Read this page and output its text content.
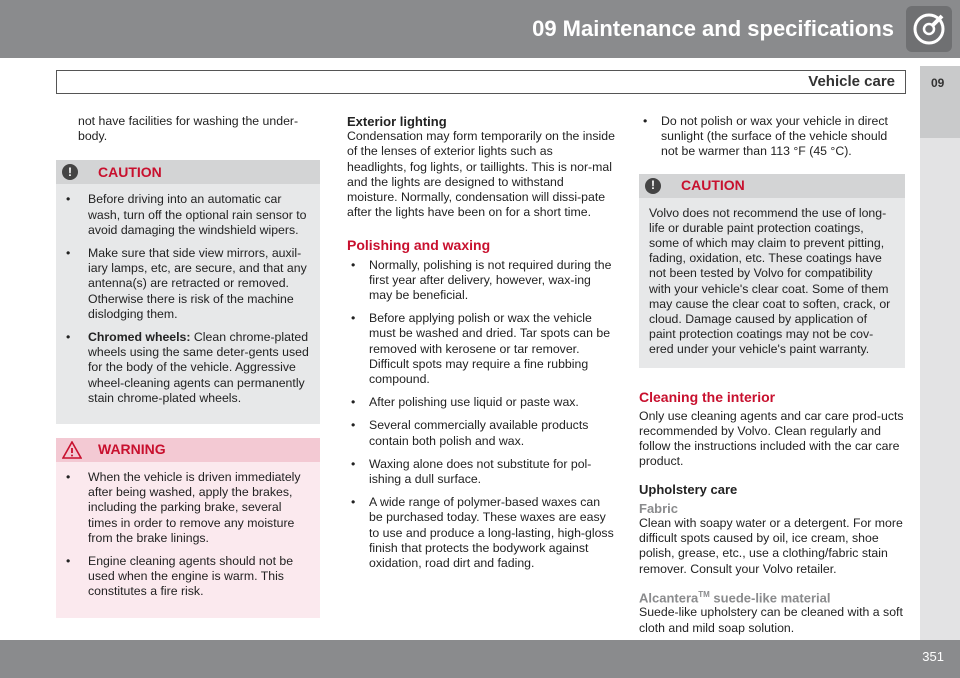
09 Maintenance and specifications
Vehicle care	09
351

not have facilities for washing the under-body.

!	CAUTION
• Before driving into an automatic car wash, turn off the optional rain sensor to avoid damaging the windshield wipers.
• Make sure that side view mirrors, auxil-iary lamps, etc, are secure, and that any antenna(s) are retracted or removed. Otherwise there is risk of the machine dislodging them.
• Chromed wheels: Clean chrome-plated wheels using the same deter-gents used for the body of the vehicle. Aggressive wheel-cleaning agents can permanently stain chrome-plated wheels.
WARNING
• When the vehicle is driven immediately after being washed, apply the brakes, including the parking brake, several times in order to remove any moisture from the brake linings.
• Engine cleaning agents should not be used when the engine is warm. This constitutes a fire risk.

Exterior lighting

Condensation may form temporarily on the inside of the lenses of exterior lights such as headlights, fog lights, or taillights. This is nor-mal and the lights are designed to withstand moisture. Normally, condensation will dissi-pate after the lights have been on for a short time.

Polishing and waxing

• Normally, polishing is not required during the first year after delivery, however, wax-ing may be beneficial.
• Before applying polish or wax the vehicle must be washed and dried. Tar spots can be removed with kerosene or tar remover. Difficult spots may require a fine rubbing compound.
• After polishing use liquid or paste wax.
• Several commercially available products contain both polish and wax.
• Waxing alone does not substitute for pol-ishing a dull surface.
• A wide range of polymer-based waxes can be purchased today. These waxes are easy to use and produce a long-lasting, high-gloss finish that protects the bodywork against oxidation, road dirt and fading.
• Do not polish or wax your vehicle in direct sunlight (the surface of the vehicle should not be warmer than 113 °F (45 °C).
!	CAUTION

Volvo does not recommend the use of long-life or durable paint protection coatings, some of which may claim to prevent pitting, fading, oxidation, etc. These coatings have not been tested by Volvo for compatibility with your vehicle's clear coat. Some of them may cause the clear coat to soften, crack, or cloud. Damage caused by application of paint protection coatings may not be cov-ered under your vehicle's paint warranty.

Cleaning the interior

Only use cleaning agents and car care prod-ucts recommended by Volvo. Clean regularly and follow the instructions included with the car care product.

Upholstery care

Fabric

Clean with soapy water or a detergent. For more difficult spots caused by oil, ice cream, shoe polish, grease, etc., use a clothing/fabric stain remover. Consult your Volvo retailer.

Alcantera™ suede-like material

Suede-like upholstery can be cleaned with a soft cloth and mild soap solution.
